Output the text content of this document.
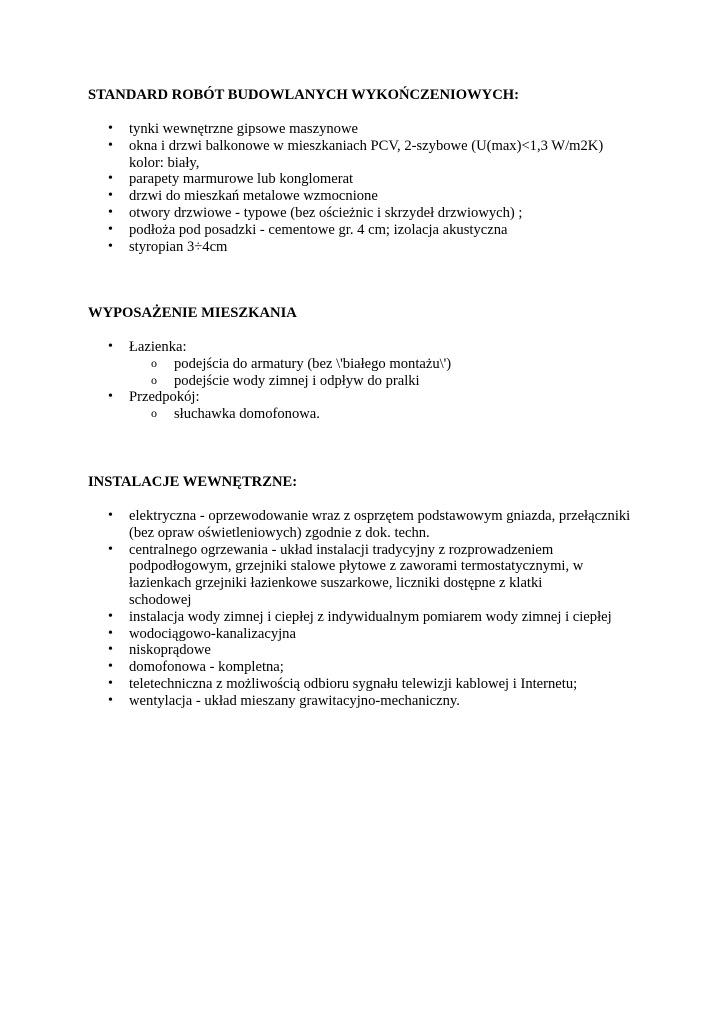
STANDARD ROBÓT BUDOWLANYCH WYKOŃCZENIOWYCH:
• tynki wewnętrzne gipsowe maszynowe
• okna i drzwi balkonowe w mieszkaniach PCV, 2-szybowe (U(max)<1,3 W/m2K) kolor: biały,
• parapety marmurowe lub konglomerat
• drzwi do mieszkań metalowe wzmocnione
• otwory drzwiowe - typowe (bez ościeżnic i skrzydeł drzwiowych) ;
• podłoża pod posadzki - cementowe gr. 4 cm; izolacja akustyczna
• styropian 3÷4cm
WYPOSAŻENIE MIESZKANIA
• Łazienka:
o podejścia do armatury (bez \'białego montażu\')
o podejście wody zimnej i odpływ do pralki
• Przedpokój:
o słuchawka domofonowa.
INSTALACJE WEWNĘTRZNE:
• elektryczna - oprzewodowanie wraz z osprzętem podstawowym gniazda, przełączniki (bez opraw oświetleniowych) zgodnie z dok. techn.
• centralnego ogrzewania - układ instalacji tradycyjny z rozprowadzeniem podpodłogowym, grzejniki stalowe płytowe z zaworami termostatycznymi, w łazienkach grzejniki łazienkowe suszarkowe, liczniki dostępne z klatki schodowej
• instalacja wody zimnej i ciepłej z indywidualnym pomiarem wody zimnej i ciepłej
• wodociągowo-kanalizacyjna
• niskoprądowe
• domofonowa - kompletna;
• teletechniczna z możliwością odbioru sygnału telewizji kablowej i Internetu;
• wentylacja - układ mieszany grawitacyjno-mechaniczny.
